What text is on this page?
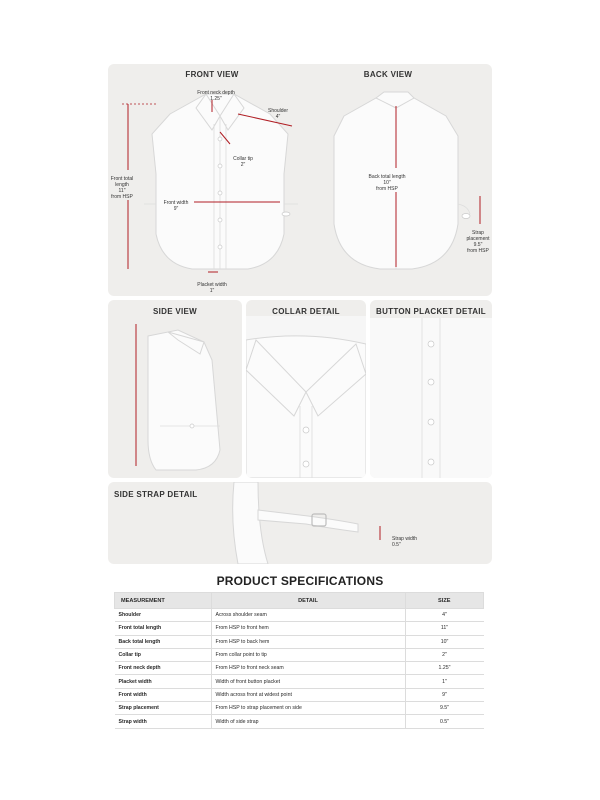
FRONT VIEW	BACK VIEW

Front neck depth
1.25"

Shoulder
4"

Collar tip
2"

Front total length
11"
from HSP

Front width
9"

Placket width
1"

Back total length
10"
from HSP

Strap placement
9.5"
from HSP

SIDE VIEW	COLLAR DETAIL	BUTTON PLACKET DETAIL
SIDE STRAP DETAIL

Strap width
0.5"

PRODUCT SPECIFICATIONS
MEASUREMENT	DETAIL	SIZE
Shoulder	Across shoulder seam	4"
Front total length	From HSP to front hem	11"
Back total length	From HSP to back hem	10"
Collar tip	From collar point to tip	2"
Front neck depth	From HSP to front neck seam	1.25"
Placket width	Width of front button placket	1"
Front width	Width across front at widest point	9"
Strap placement	From HSP to strap placement on side	9.5"
Strap width	Width of side strap	0.5"
